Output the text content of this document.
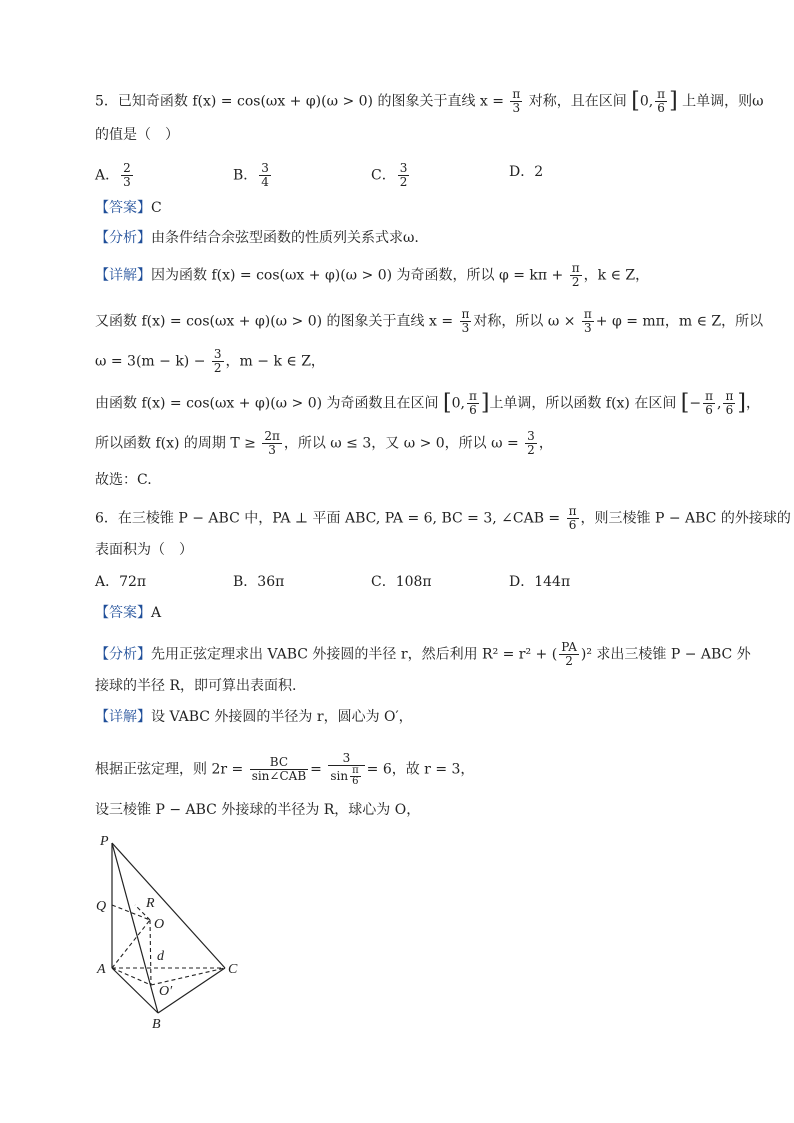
5．已知奇函数 f(x) = cos(ωx + φ)(ω > 0) 的图象关于直线 $x = \frac{\pi}{3}$ 对称，且在区间 [0, $\frac{\pi}{6}$ ] 上单调，则ω
的值是（　）
A． $\frac{2}{3}$	B． $\frac{3}{4}$	C． $\frac{3}{2}$	D．2
【答案】C
【分析】由条件结合余弦型函数的性质列关系式求ω.
【详解】因为函数 f(x) = cos(ωx + φ)(ω > 0) 为奇函数，所以 $\varphi = k\pi + \frac{\pi}{2}$ ，k ∈ Z，
又函数 f(x) = cos(ωx + φ)(ω > 0) 的图象关于直线 $x = \frac{\pi}{3}$ 对称，所以 $\omega \times \frac{\pi}{3} + \varphi = m\pi$，m ∈ Z，所以
$\omega = 3(m - k) - \frac{3}{2}$ ，m − k ∈ Z，
由函数 f(x) = cos(ωx + φ)(ω > 0) 为奇函数且在区间 [0, $\frac{\pi}{6}$ ]上单调，所以函数 f(x) 在区间 [− $\frac{\pi}{6}$ , $\frac{\pi}{6}$ ]，
所以函数 f(x) 的周期 $T \ge \frac{2\pi}{3}$ ，所以 ω ≤ 3，又 ω > 0，所以 $\omega = \frac{3}{2}$ ，
故选：C.
6．在三棱锥 P − ABC 中，PA ⊥ 平面 ABC, PA = 6, BC = 3, ∠CAB = $\frac{\pi}{6}$ ，则三棱锥 P − ABC 的外接球的
表面积为（　）
A．72π	B．36π	C．108π	D．144π
【答案】A
【分析】先用正弦定理求出 VABC 外接圆的半径 r，然后利用 R² = r² + ( $\frac{PA}{2} )^2$ 求出三棱锥 P − ABC 外
接球的半径 R，即可算出表面积.
【详解】设 VABC 外接圆的半径为 r，圆心为 O′，
根据正弦定理，则 $2r = \frac{BC}{\text{sin∠CAB}} = \frac{3}{\sin \frac{\pi}{6}} = 6$，故 r = 3，
设三棱锥 P − ABC 外接球的半径为 R，球心为 O，
P
Q	R
O
d
A	C
O′
B
